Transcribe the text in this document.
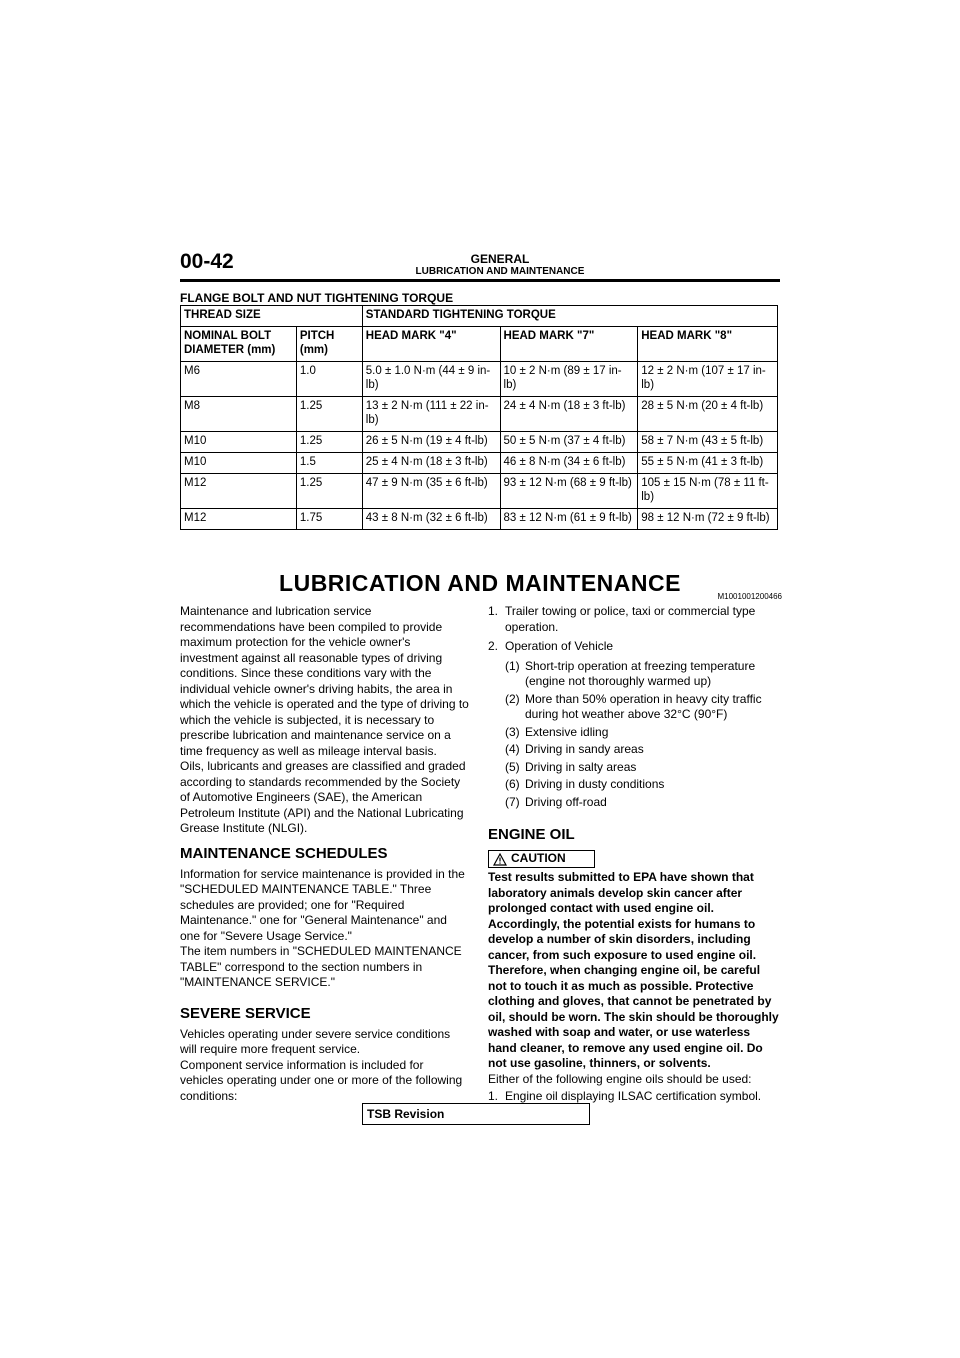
00-42	GENERAL
LUBRICATION AND MAINTENANCE
FLANGE BOLT AND NUT TIGHTENING TORQUE
THREAD SIZE		STANDARD TIGHTENING TORQUE		
NOMINAL BOLT DIAMETER (mm)	PITCH (mm)	HEAD MARK "4"	HEAD MARK "7"	HEAD MARK "8"
M6	1.0	5.0 ± 1.0 N·m (44 ± 9 in-lb)	10 ± 2 N·m (89 ± 17 in-lb)	12 ± 2 N·m (107 ± 17 in-lb)
M8	1.25	13 ± 2 N·m (111 ± 22 in-lb)	24 ± 4 N·m (18 ± 3 ft-lb)	28 ± 5 N·m (20 ± 4 ft-lb)
M10	1.25	26 ± 5 N·m (19 ± 4 ft-lb)	50 ± 5 N·m (37 ± 4 ft-lb)	58 ± 7 N·m (43 ± 5 ft-lb)
M10	1.5	25 ± 4 N·m (18 ± 3 ft-lb)	46 ± 8 N·m (34 ± 6 ft-lb)	55 ± 5 N·m (41 ± 3 ft-lb)
M12	1.25	47 ± 9 N·m (35 ± 6 ft-lb)	93 ± 12 N·m (68 ± 9 ft-lb)	105 ± 15 N·m (78 ± 11 ft-lb)
M12	1.75	43 ± 8 N·m (32 ± 6 ft-lb)	83 ± 12 N·m (61 ± 9 ft-lb)	98 ± 12 N·m (72 ± 9 ft-lb)
LUBRICATION AND MAINTENANCE
M1001001200466

Maintenance and lubrication service recommendations have been compiled to provide maximum protection for the vehicle owner's investment against all reasonable types of driving conditions. Since these conditions vary with the individual vehicle owner's driving habits, the area in which the vehicle is operated and the type of driving to which the vehicle is subjected, it is necessary to prescribe lubrication and maintenance service on a time frequency as well as mileage interval basis.

Oils, lubricants and greases are classified and graded according to standards recommended by the Society of Automotive Engineers (SAE), the American Petroleum Institute (API) and the National Lubricating Grease Institute (NLGI).

MAINTENANCE SCHEDULES

Information for service maintenance is provided in the "SCHEDULED MAINTENANCE TABLE." Three schedules are provided; one for "Required Maintenance." one for "General Maintenance" and one for "Severe Usage Service."

The item numbers in "SCHEDULED MAINTENANCE TABLE" correspond to the section numbers in "MAINTENANCE SERVICE."

SEVERE SERVICE

Vehicles operating under severe service conditions will require more frequent service.

Component service information is included for vehicles operating under one or more of the following conditions:

1. Trailer towing or police, taxi or commercial type operation.
2. Operation of Vehicle
(1) Short-trip operation at freezing temperature (engine not thoroughly warmed up)
(2) More than 50% operation in heavy city traffic during hot weather above 32°C (90°F)
(3) Extensive idling
(4) Driving in sandy areas
(5) Driving in salty areas
(6) Driving in dusty conditions
(7) Driving off-road
ENGINE OIL
CAUTION

Test results submitted to EPA have shown that laboratory animals develop skin cancer after prolonged contact with used engine oil. Accordingly, the potential exists for humans to develop a number of skin disorders, including cancer, from such exposure to used engine oil. Therefore, when changing engine oil, be careful not to touch it as much as possible. Protective clothing and gloves, that cannot be penetrated by oil, should be worn. The skin should be thoroughly washed with soap and water, or use waterless hand cleaner, to remove any used engine oil. Do not use gasoline, thinners, or solvents.

Either of the following engine oils should be used:

1. Engine oil displaying ILSAC certification symbol.
TSB Revision
